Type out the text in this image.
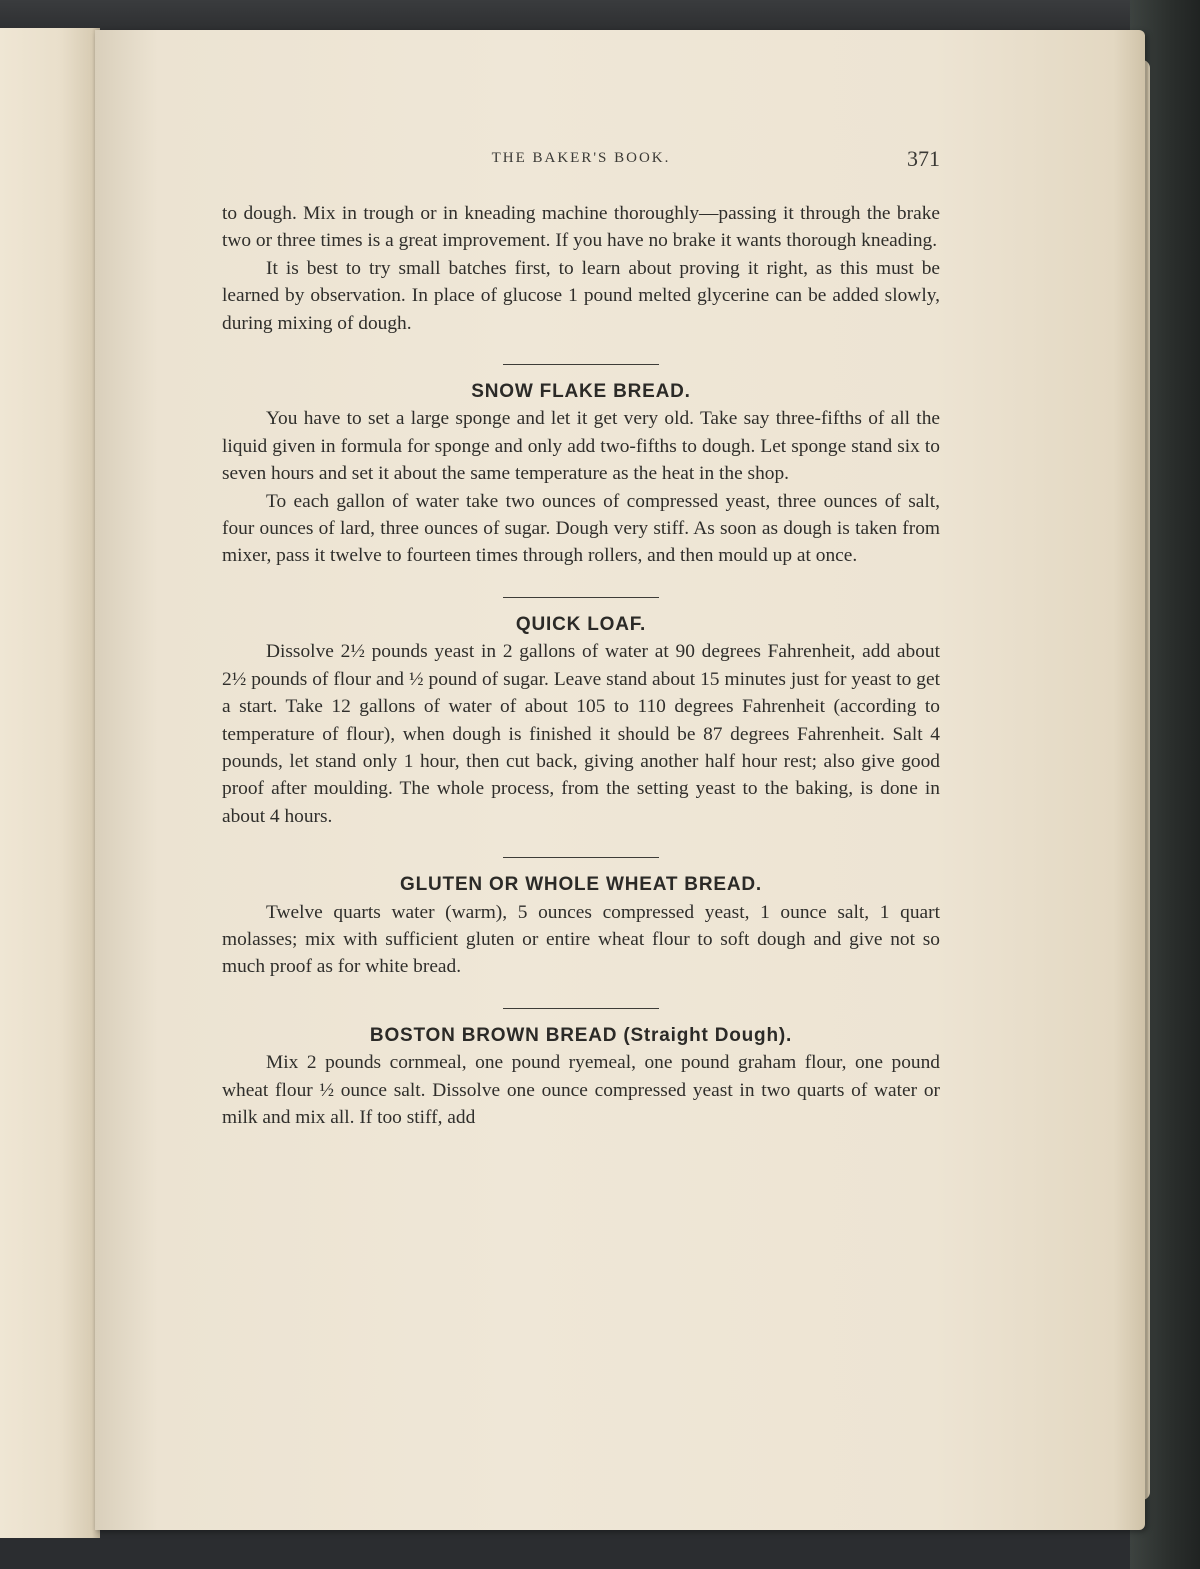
THE BAKER'S BOOK.	371

to dough. Mix in trough or in kneading machine thoroughly—passing it through the brake two or three times is a great improvement. If you have no brake it wants thorough kneading.

It is best to try small batches first, to learn about proving it right, as this must be learned by observation. In place of glucose 1 pound melted glycerine can be added slowly, during mixing of dough.

SNOW FLAKE BREAD.

You have to set a large sponge and let it get very old. Take say three-fifths of all the liquid given in formula for sponge and only add two-fifths to dough. Let sponge stand six to seven hours and set it about the same temperature as the heat in the shop.

To each gallon of water take two ounces of compressed yeast, three ounces of salt, four ounces of lard, three ounces of sugar. Dough very stiff. As soon as dough is taken from mixer, pass it twelve to fourteen times through rollers, and then mould up at once.

QUICK LOAF.

Dissolve 2½ pounds yeast in 2 gallons of water at 90 degrees Fahrenheit, add about 2½ pounds of flour and ½ pound of sugar. Leave stand about 15 minutes just for yeast to get a start. Take 12 gallons of water of about 105 to 110 degrees Fahrenheit (according to temperature of flour), when dough is finished it should be 87 degrees Fahrenheit. Salt 4 pounds, let stand only 1 hour, then cut back, giving another half hour rest; also give good proof after moulding. The whole process, from the setting yeast to the baking, is done in about 4 hours.

GLUTEN OR WHOLE WHEAT BREAD.

Twelve quarts water (warm), 5 ounces compressed yeast, 1 ounce salt, 1 quart molasses; mix with sufficient gluten or entire wheat flour to soft dough and give not so much proof as for white bread.

BOSTON BROWN BREAD (Straight Dough).

Mix 2 pounds cornmeal, one pound ryemeal, one pound graham flour, one pound wheat flour ½ ounce salt. Dissolve one ounce compressed yeast in two quarts of water or milk and mix all. If too stiff, add
